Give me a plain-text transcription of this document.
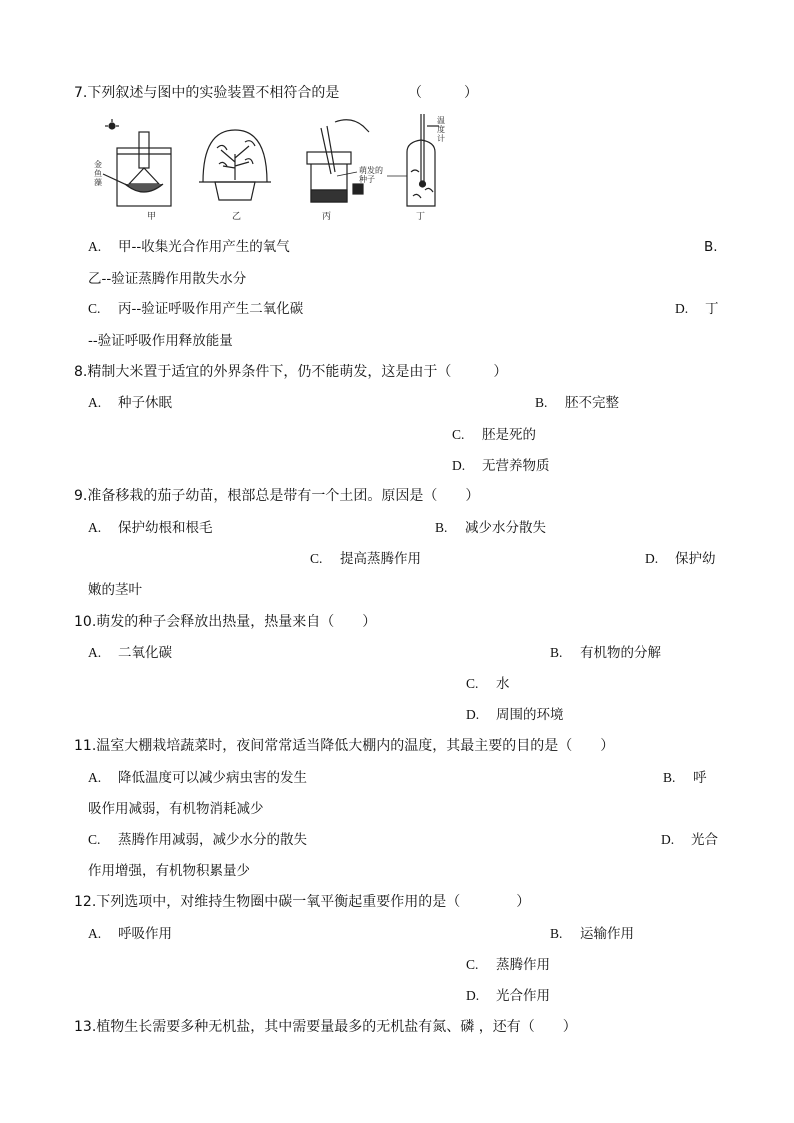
7.下列叙述与图中的实验装置不相符合的是	（　　　）
金鱼藻
萌发的种子
温度计
甲	乙	丙	丁
A. 甲--收集光合作用产生的氧气	B.
乙--验证蒸腾作用散失水分
C. 丙--验证呼吸作用产生二氧化碳	D. 丁
--验证呼吸作用释放能量
8.精制大米置于适宜的外界条件下，仍不能萌发，这是由于（　　　）
A. 种子休眠	B. 胚不完整
C. 胚是死的
D. 无营养物质
9.准备移栽的茄子幼苗，根部总是带有一个土团。原因是（　　）
A. 保护幼根和根毛	B. 减少水分散失
C. 提高蒸腾作用	D. 保护幼
嫩的茎叶
10.萌发的种子会释放出热量，热量来自（　　）
A. 二氧化碳	B. 有机物的分解
C. 水
D. 周围的环境
11.温室大棚栽培蔬菜时，夜间常常适当降低大棚内的温度，其最主要的目的是（　　）
A. 降低温度可以减少病虫害的发生	B. 呼
吸作用减弱，有机物消耗减少
C. 蒸腾作用减弱，减少水分的散失	D. 光合
作用增强，有机物积累量少
12.下列选项中，对维持生物圈中碳一氧平衡起重要作用的是（　　　　）
A. 呼吸作用	B. 运输作用
C. 蒸腾作用
D. 光合作用
13.植物生长需要多种无机盐，其中需要量最多的无机盐有氮、磷 ，还有（　　）
